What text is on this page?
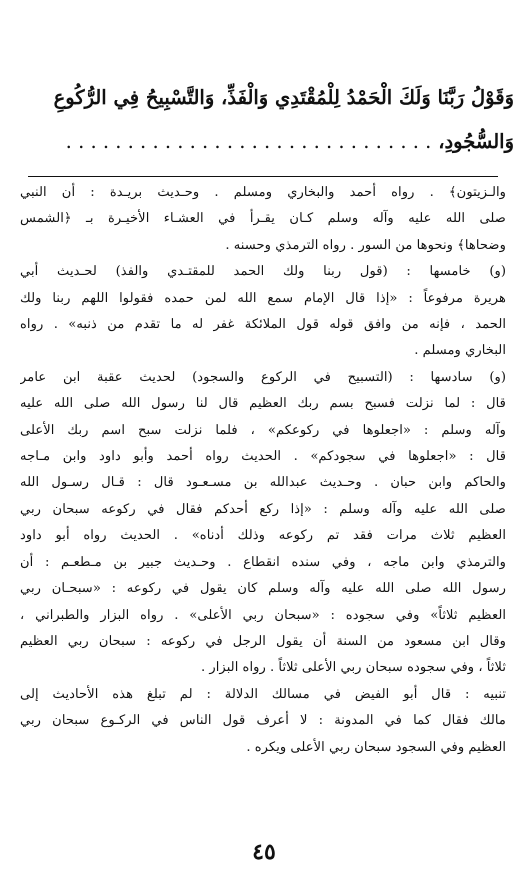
وَقَوْلُ رَبَّنَا وَلَكَ الْحَمْدُ لِلْمُقْتَدِي وَالْفَذِّ، وَالتَّسْبِيحُ فِي الرُّكُوعِ
وَالسُّجُودِ، . . . . . . . . . . . . . . . . . . . . . . . . . . . . . .
والـزيتون﴾ . رواه أحمد والبخاري ومسلم . وحـديث بريـدة : أن النبي
صلى الله عليه وآله وسلم كـان يقـرأ في العشـاء الأخيـرة بـ ﴿الشمس
وضحاها﴾ ونحوها من السور . رواه الترمذي وحسنه .
(و) خامسها : (قول ربنا ولك الحمد للمقتـدي والفذ) لحـديث أبي
هريرة مرفوعاً : «إذا قال الإمام سمع الله لمن حمده فقولوا اللهم ربنا ولك
الحمد ، فإنه من وافق قوله قول الملائكة غفر له ما تقدم من ذنبه» . رواه
البخاري ومسلم .
(و) سادسها : (التسبيح في الركوع والسجود) لحديث عقبة ابن عامر
قال : لما نزلت فسبح بسم ربك العظيم قال لنا رسول الله صلى الله عليه
وآله وسلم : «اجعلوها في ركوعكم» ، فلما نزلت سبح اسم ربك الأعلى
قال : «اجعلوها في سجودكم» . الحديث رواه أحمد وأبو داود وابن مـاجه
والحاكم وابن حبان . وحـديث عبدالله بن مسـعـود قال : قـال رسـول الله
صلى الله عليه وآله وسلم : «إذا ركع أحدكم فقال في ركوعه سبحان ربي
العظيم ثلاث مرات فقد تم ركوعه وذلك أدناه» . الحديث رواه أبو داود
والترمذي وابن ماجه ، وفي سنده انقطاع . وحـديث جبير بن مـطعـم : أن
رسول الله صلى الله عليه وآله وسلم كان يقول في ركوعه : «سبحـان ربي
العظيم ثلاثاً» وفي سجوده : «سبحان ربي الأعلى» . رواه البزار والطبراني ،
وقال ابن مسعود من السنة أن يقول الرجل في ركوعه : سبحان ربي العظيم
ثلاثاً ، وفي سجوده سبحان ربي الأعلى ثلاثاً . رواه البزار .
تنبيه : قال أبو الفيض في مسالك الدلالة : لم تبلغ هذه الأحاديث إلى
مالك فقال كما في المدونة : لا أعرف قول الناس في الركـوع سبحان ربي
العظيم وفي السجود سبحان ربي الأعلى ويكره .
٤٥
